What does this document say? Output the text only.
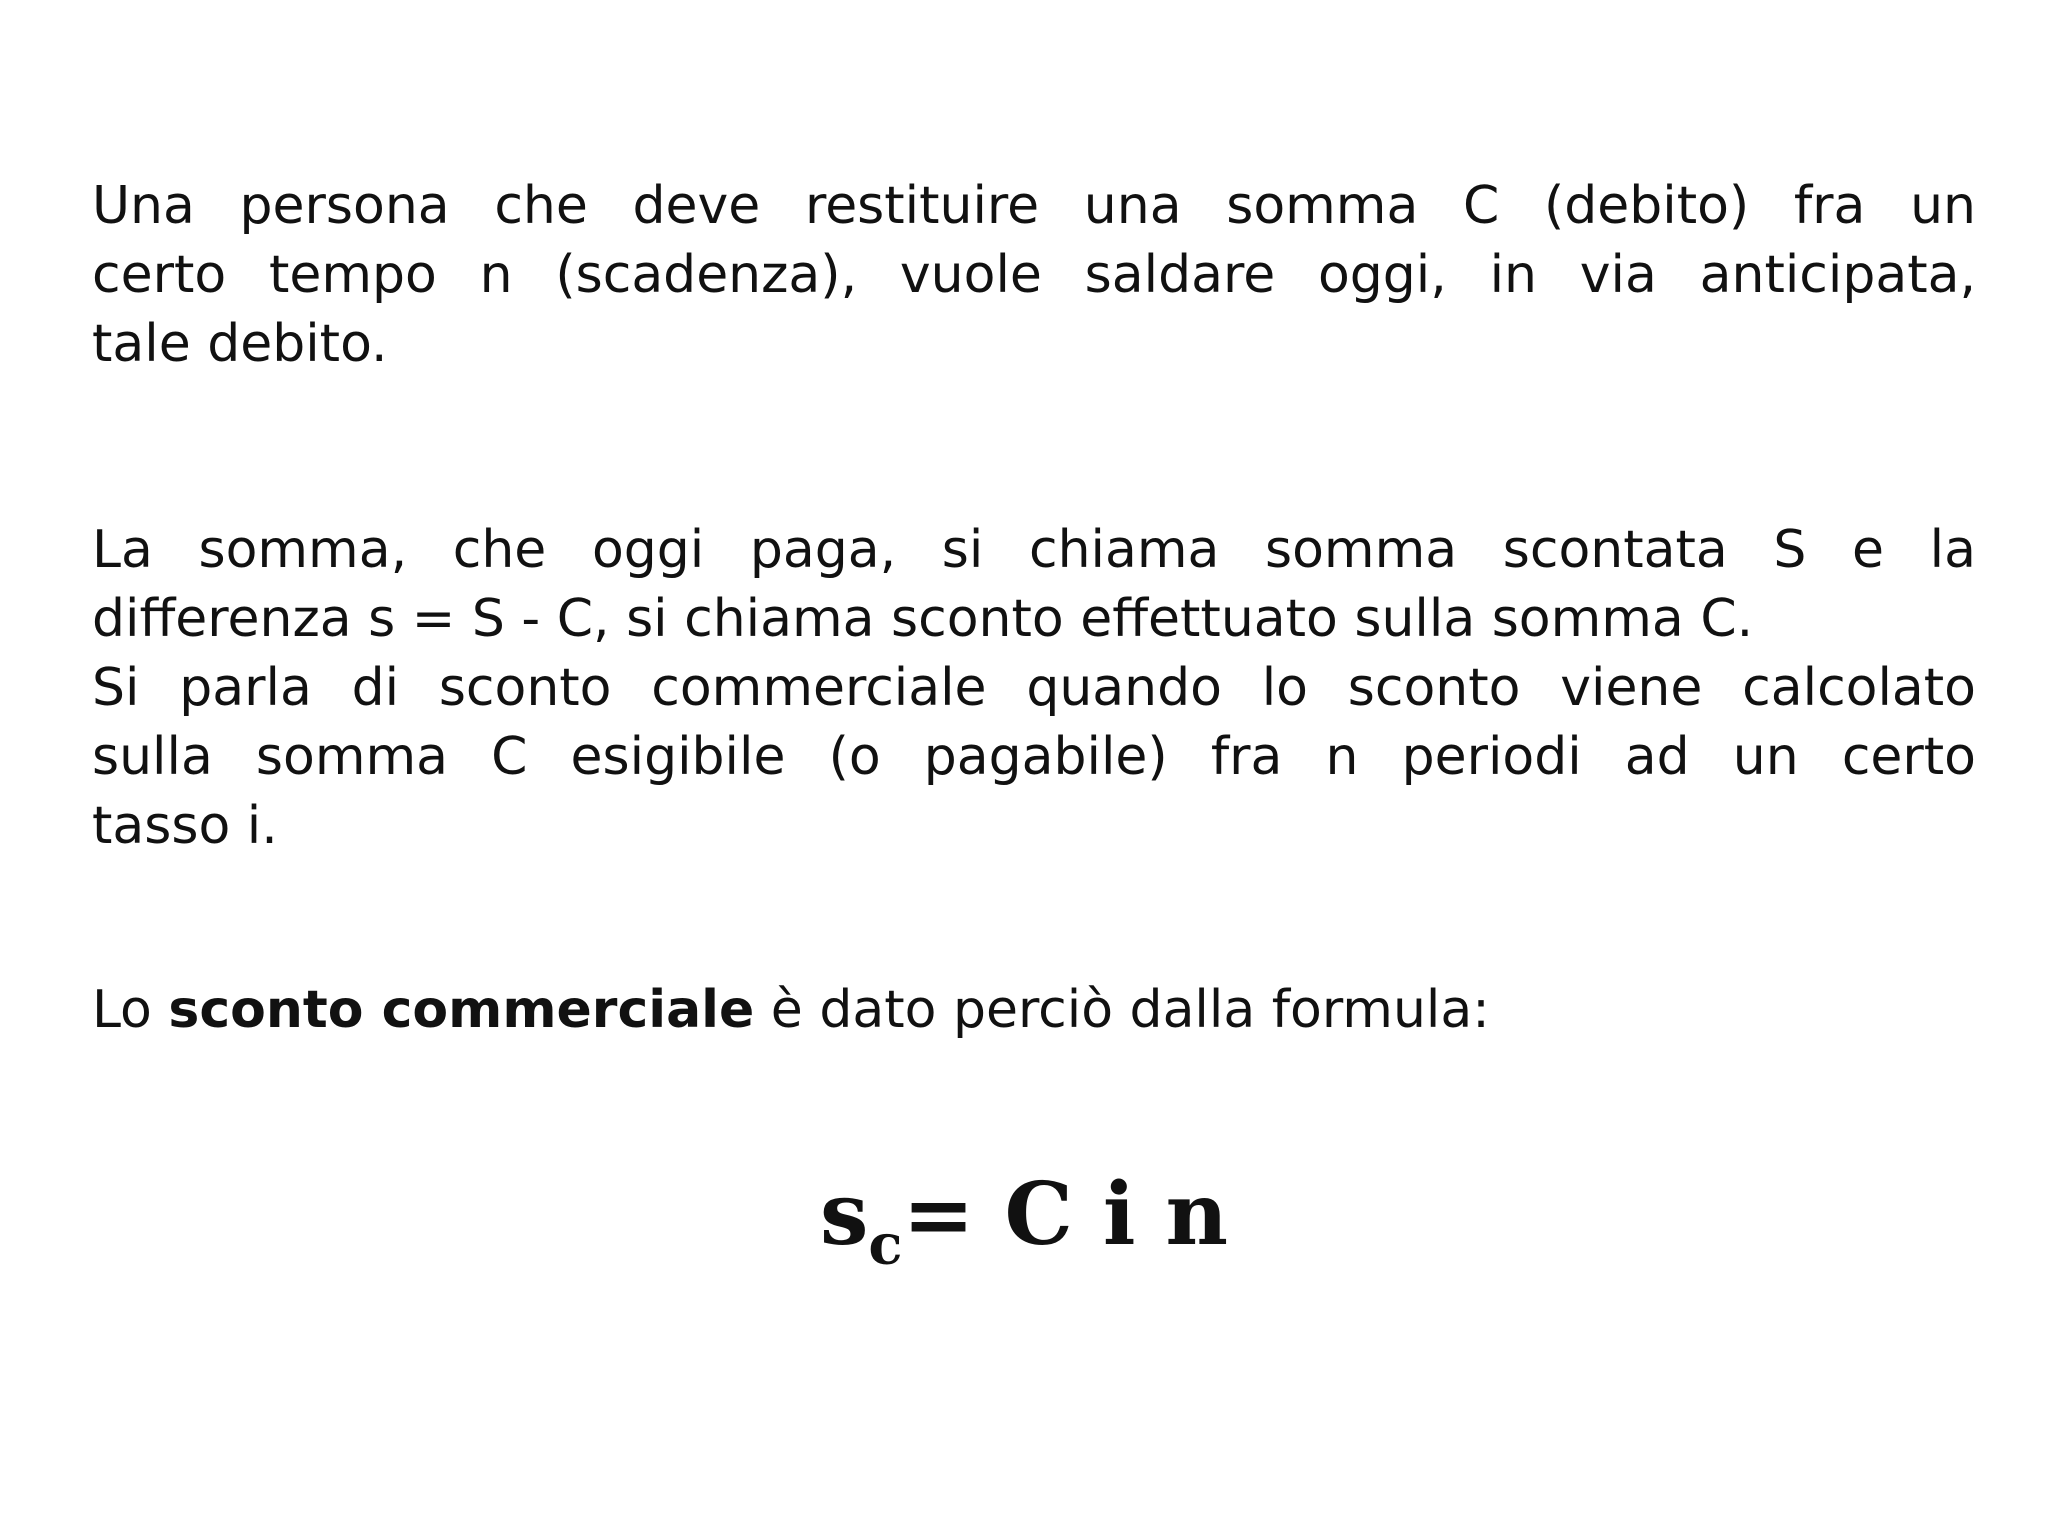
Una persona che deve restituire una somma C (debito) fra un
certo tempo n (scadenza), vuole saldare oggi, in via anticipata,
tale debito.
La somma, che oggi paga, si chiama somma scontata S e la
differenza s = S - C, si chiama sconto effettuato sulla somma C.
Si parla di sconto commerciale quando lo sconto viene calcolato
sulla somma C esigibile (o pagabile) fra n periodi ad un certo
tasso i.
Lo sconto commerciale è dato perciò dalla formula:
$s_c= C$ i n
